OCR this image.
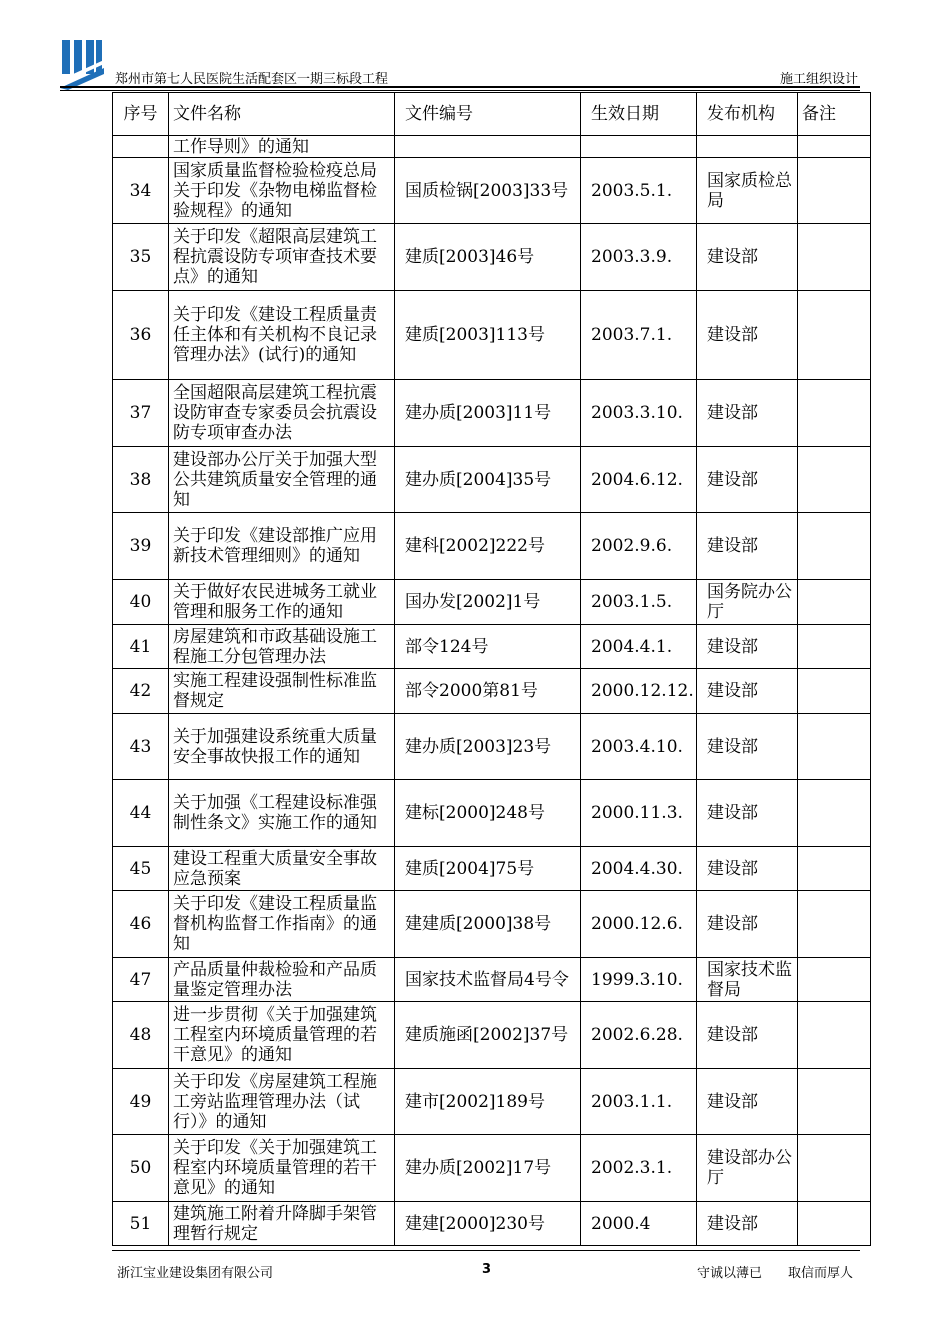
郑州市第七人民医院生活配套区一期三标段工程	施工组织设计
序号	文件名称	文件编号	生效日期	发布机构	备注
	工作导则》的通知				
34	国家质量监督检验检疫总局关于印发《杂物电梯监督检验规程》的通知	国质检锅[2003]33号	2003.5.1.	国家质检总局	
35	关于印发《超限高层建筑工程抗震设防专项审查技术要点》的通知	建质[2003]46号	2003.3.9.	建设部	
36	关于印发《建设工程质量责任主体和有关机构不良记录管理办法》(试行)的通知	建质[2003]113号	2003.7.1.	建设部	
37	全国超限高层建筑工程抗震设防审查专家委员会抗震设防专项审查办法	建办质[2003]11号	2003.3.10.	建设部	
38	建设部办公厅关于加强大型公共建筑质量安全管理的通知	建办质[2004]35号	2004.6.12.	建设部	
39	关于印发《建设部推广应用新技术管理细则》的通知	建科[2002]222号	2002.9.6.	建设部	
40	关于做好农民进城务工就业管理和服务工作的通知	国办发[2002]1号	2003.1.5.	国务院办公厅	
41	房屋建筑和市政基础设施工程施工分包管理办法	部令124号	2004.4.1.	建设部	
42	实施工程建设强制性标准监督规定	部令2000第81号	2000.12.12.	建设部	
43	关于加强建设系统重大质量安全事故快报工作的通知	建办质[2003]23号	2003.4.10.	建设部	
44	关于加强《工程建设标准强制性条文》实施工作的通知	建标[2000]248号	2000.11.3.	建设部	
45	建设工程重大质量安全事故应急预案	建质[2004]75号	2004.4.30.	建设部	
46	关于印发《建设工程质量监督机构监督工作指南》的通知	建建质[2000]38号	2000.12.6.	建设部	
47	产品质量仲裁检验和产品质量鉴定管理办法	国家技术监督局4号令	1999.3.10.	国家技术监督局	
48	进一步贯彻《关于加强建筑工程室内环境质量管理的若干意见》的通知	建质施函[2002]37号	2002.6.28.	建设部	
49	关于印发《房屋建筑工程施工旁站监理管理办法（试行）》的通知	建市[2002]189号	2003.1.1.	建设部	
50	关于印发《关于加强建筑工程室内环境质量管理的若干意见》的通知	建办质[2002]17号	2002.3.1.	建设部办公厅	
51	建筑施工附着升降脚手架管理暂行规定	建建[2000]230号	2000.4	建设部	
浙江宝业建设集团有限公司	3	守诚以薄已　　取信而厚人
